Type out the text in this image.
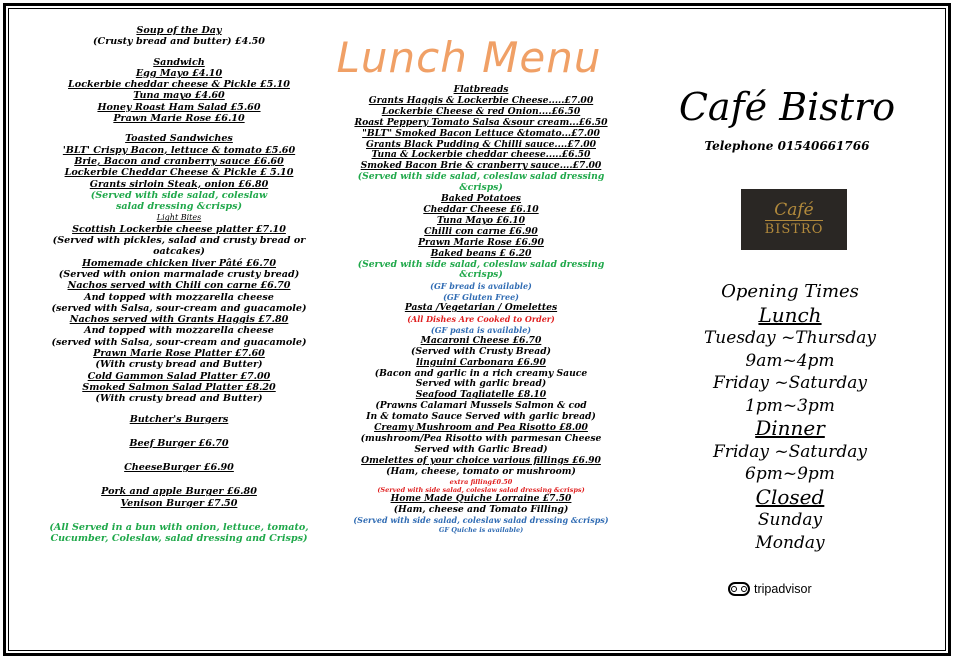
Lunch Menu
Soup of the Day
(Crusty bread and butter) £4.50
Sandwich
Egg Mayo £4.10
Lockerbie cheddar cheese & Pickle £5.10
Tuna mayo £4.60
Honey Roast Ham Salad £5.60
Prawn Marie Rose £6.10
Toasted Sandwiches
'BLT' Crispy Bacon, lettuce & tomato £5.60
Brie, Bacon and cranberry sauce £6.60
Lockerbie Cheddar Cheese & Pickle £ 5.10
Grants sirloin Steak, onion £6.80
(Served with side salad, coleslaw
salad dressing &crisps)
Light Bites
Scottish Lockerbie cheese platter £7.10
(Served with pickles, salad and crusty bread or
oatcakes)
Homemade chicken liver Pâté £6.70
(Served with onion marmalade crusty bread)
Nachos served with Chili con carne £6.70
And topped with mozzarella cheese
(served with Salsa, sour-cream and guacamole)
Nachos served with Grants Haggis £7.80
And topped with mozzarella cheese
(served with Salsa, sour-cream and guacamole)
Prawn Marie Rose Platter £7.60
(With crusty bread and Butter)
Cold Gammon Salad Platter £7.00
Smoked Salmon Salad Platter £8.20
(With crusty bread and Butter)
Butcher's Burgers
Beef Burger £6.70
CheeseBurger £6.90
Pork and apple Burger £6.80
Venison Burger £7.50
(All Served in a bun with onion, lettuce, tomato,
Cucumber, Coleslaw, salad dressing and Crisps)
Flatbreads
Grants Haggis & Lockerbie Cheese.....£7.00
Lockerbie Cheese & red Onion....£6.50
Roast Peppery Tomato Salsa &sour cream...£6.50
"BLT" Smoked Bacon Lettuce &tomato...£7.00
Grants Black Pudding & Chilli sauce....£7.00
Tuna & Lockerbie cheddar cheese.....£6.50
Smoked Bacon Brie & cranberry sauce....£7.00
(Served with side salad, coleslaw salad dressing
&crisps)
Baked Potatoes
Cheddar Cheese £6.10
Tuna Mayo £6.10
Chilli con carne £6.90
Prawn Marie Rose £6.90
Baked beans £ 6.20
(Served with side salad, coleslaw salad dressing
&crisps)
(GF bread is available)
(GF Gluten Free)
Pasta /Vegetarian / Omelettes
(All Dishes Are Cooked to Order)
(GF pasta is available)
Macaroni Cheese £6.70
(Served with Crusty Bread)
linguini Carbonara £6.90
(Bacon and garlic in a rich creamy Sauce
Served with garlic bread)
Seafood Tagliatelle £8.10
(Prawns Calamari Mussels Salmon & cod
In & tomato Sauce Served with garlic bread)
Creamy Mushroom and Pea Risotto £8.00
(mushroom/Pea Risotto with parmesan Cheese
Served with Garlic Bread)
Omelettes of your choice various fillings £6.90
(Ham, cheese, tomato or mushroom)
extra filling£0.50
(Served with side salad, coleslaw salad dressing &crisps)
Home Made Quiche Lorraine £7.50
(Ham, cheese and Tomato Filling)
(Served with side salad, coleslaw salad dressing &crisps)
GF Quiche is available)
Café Bistro
Telephone 01540661766
Café
BISTRO
Opening Times
Lunch
Tuesday ~Thursday
9am~4pm
Friday ~Saturday
1pm~3pm
Dinner
Friday ~Saturday
6pm~9pm
Closed
Sunday
Monday
tripadvisor
